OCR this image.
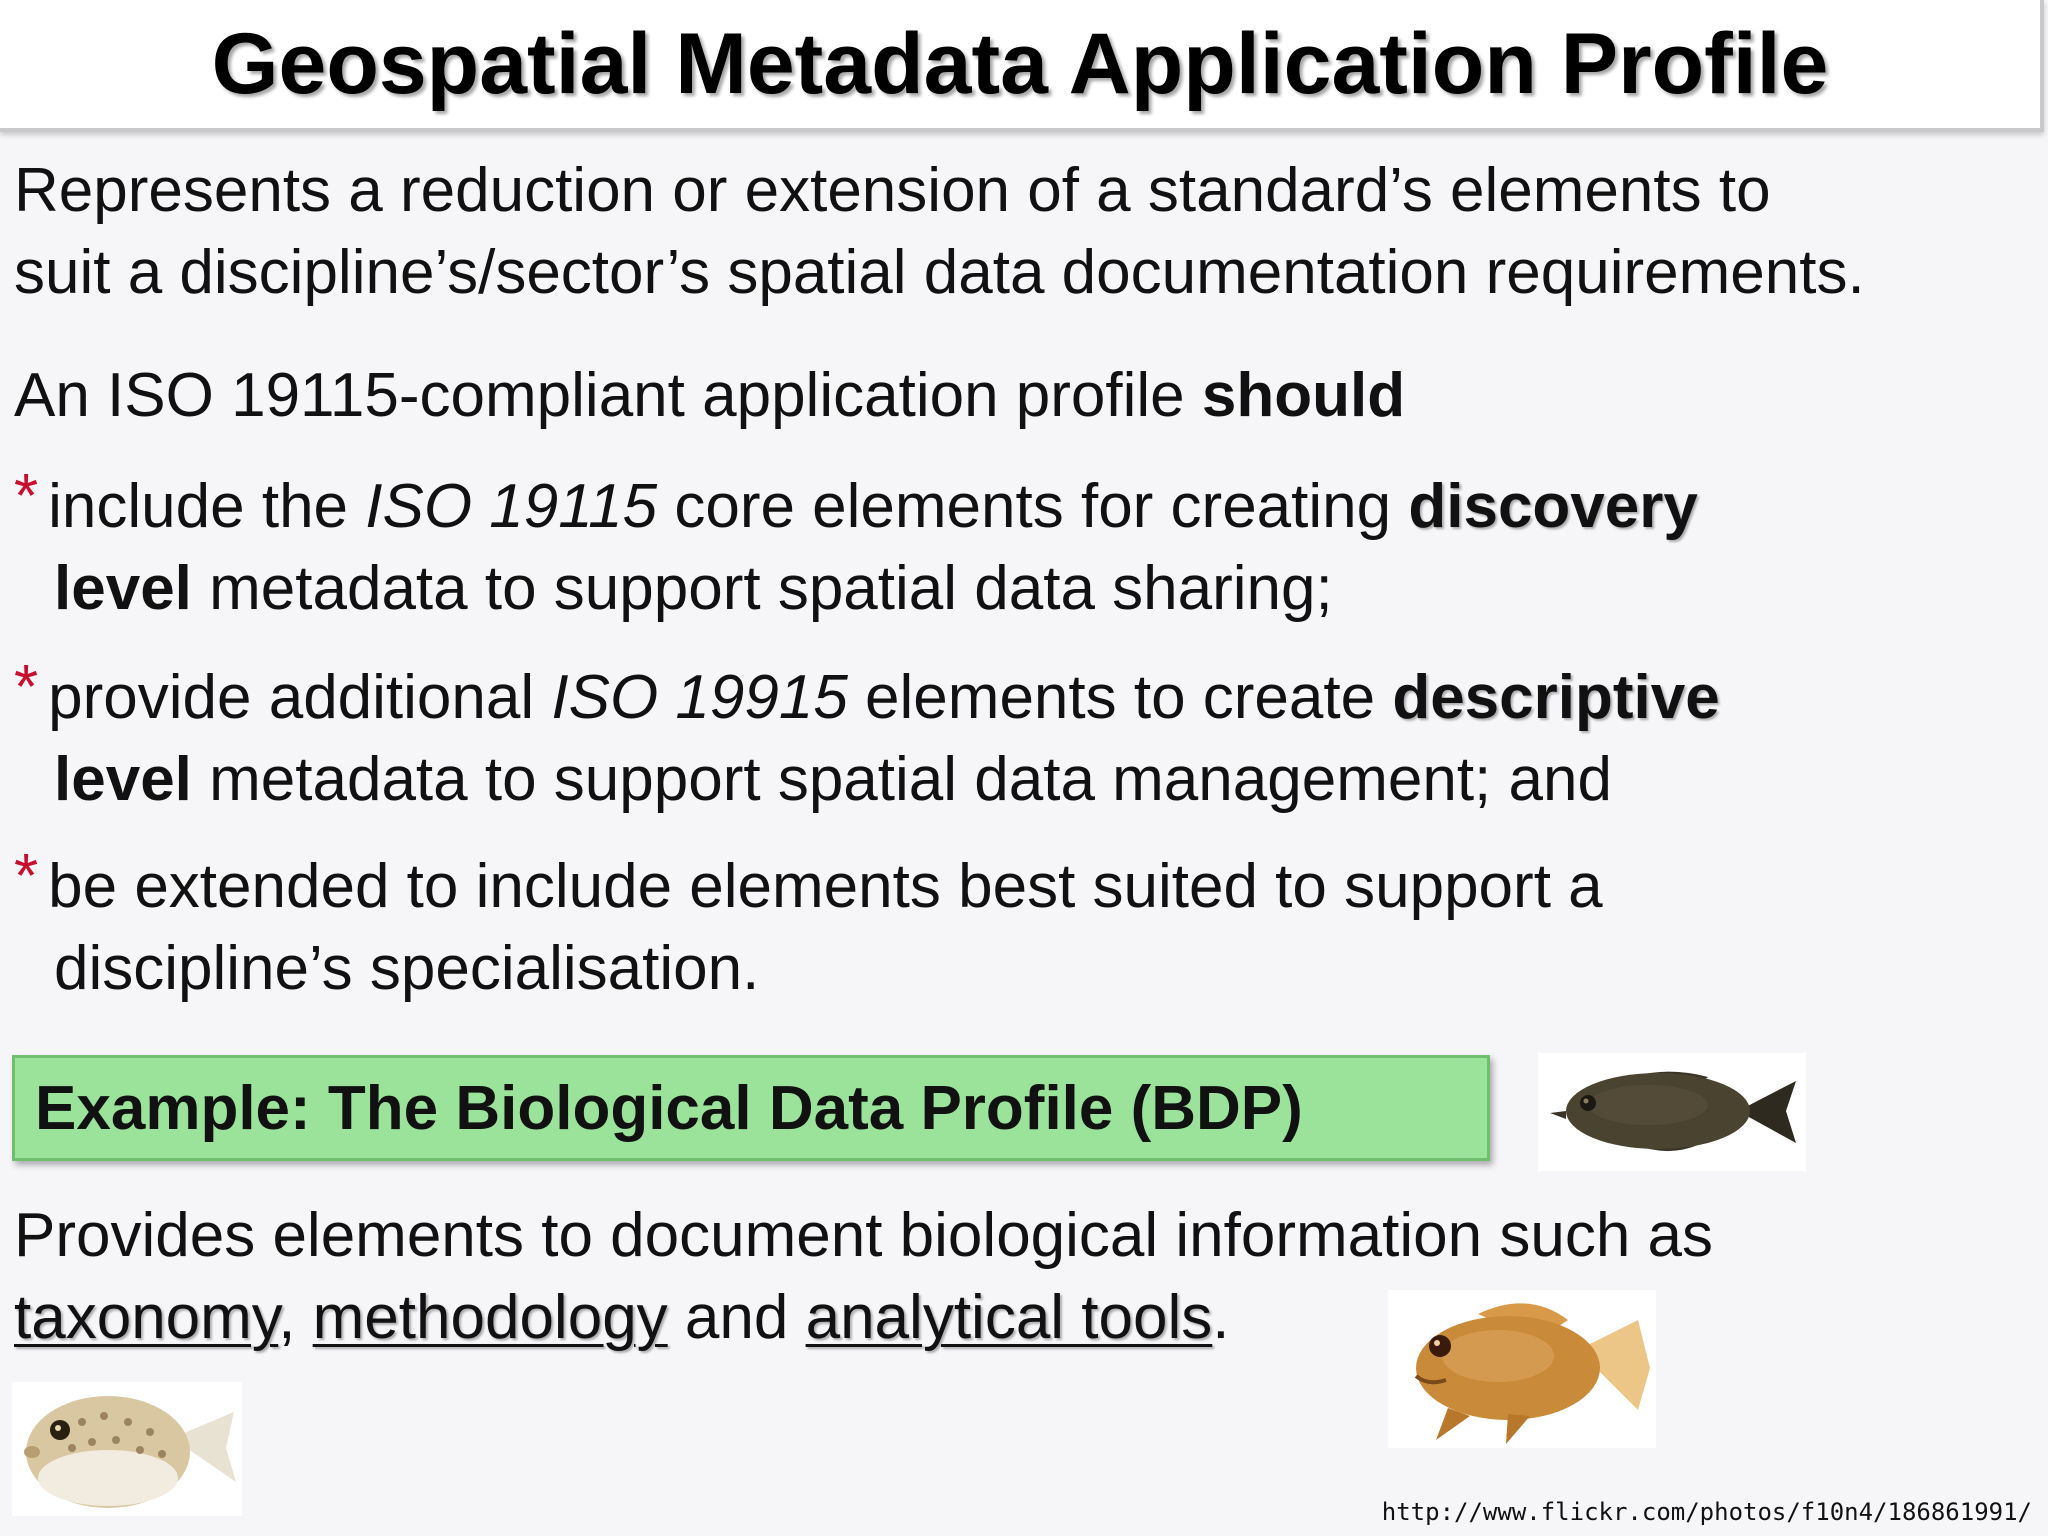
Geospatial Metadata Application Profile
Represents a reduction or extension of a standard’s elements to
suit a discipline’s/sector’s spatial data documentation requirements.
An ISO 19115-compliant application profile should
* include the ISO 19115 core elements for creating discovery
level metadata to support spatial data sharing;
* provide additional ISO 19915 elements to create descriptive
level metadata to support spatial data management; and
* be extended to include elements best suited to support a
discipline’s specialisation.
Example: The Biological Data Profile (BDP)
Provides elements to document biological information such as
taxonomy, methodology and analytical tools.
http://www.flickr.com/photos/f10n4/186861991/
